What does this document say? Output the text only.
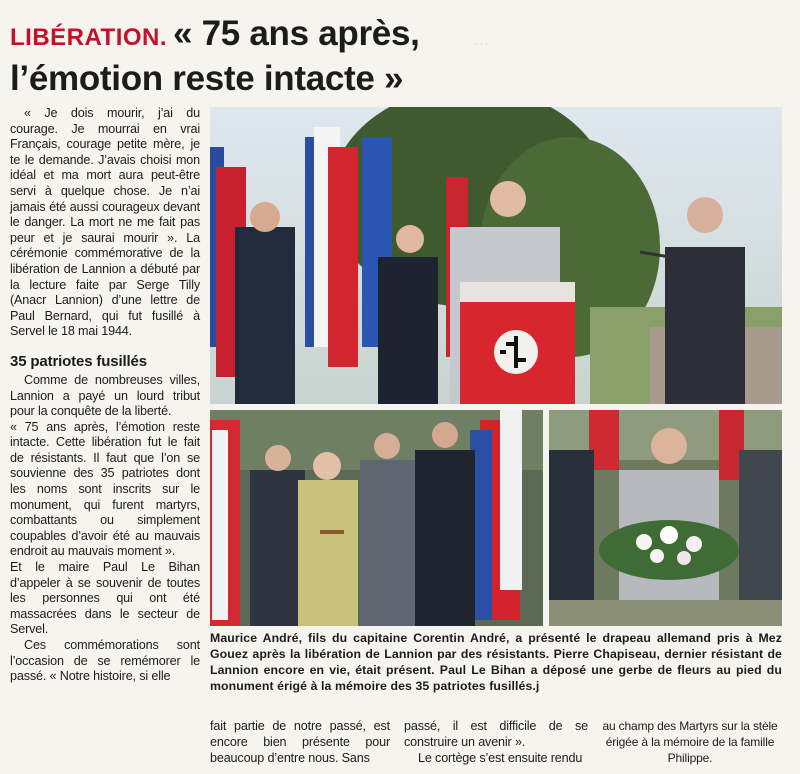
LIBÉRATION. « 75 ans après,
l’émotion reste intacte »
...

« Je dois mourir, j’ai du courage. Je mourrai en vrai Français, courage petite mère, je te le demande. J’avais choisi mon idéal et ma mort aura peut-être servi à quelque chose. Je n’ai jamais été aussi courageux devant le danger. La mort ne me fait pas peur et je saurai mourir ». La cérémonie commémorative de la libération de Lannion a débuté par la lecture faite par Serge Tilly (Anacr Lannion) d’une lettre de Paul Bernard, qui fut fusillé à Servel le 18 mai 1944.

35 patriotes fusillés

Comme de nombreuses villes, Lannion a payé un lourd tribut pour la conquête de la liberté.

« 75 ans après, l’émotion reste intacte. Cette libération fut le fait de résistants. Il faut que l’on se souvienne des 35 patriotes dont les noms sont inscrits sur le monument, qui furent martyrs, combattants ou simplement coupables d’avoir été au mauvais endroit au mauvais moment ».

Et le maire Paul Le Bihan d’appeler à se souvenir de toutes les personnes qui ont été massacrées dans le secteur de Servel.

Ces commémorations sont l’occasion de se remémorer le passé. « Notre histoire, si elle

Maurice André, fils du capitaine Corentin André, a présenté le drapeau allemand pris à Mez Gouez après la libération de Lannion par des résistants. Pierre Chapiseau, dernier résistant de Lannion encore en vie, était présent. Paul Le Bihan a déposé une gerbe de fleurs au pied du monument érigé à la mémoire des 35 patriotes fusillés.j

fait partie de notre passé, est encore bien présente pour beaucoup d’entre nous. Sans

passé, il est difficile de se construire un avenir ».

Le cortège s’est ensuite rendu

au champ des Martyrs sur la stèle érigée à la mémoire de la famille Philippe.
